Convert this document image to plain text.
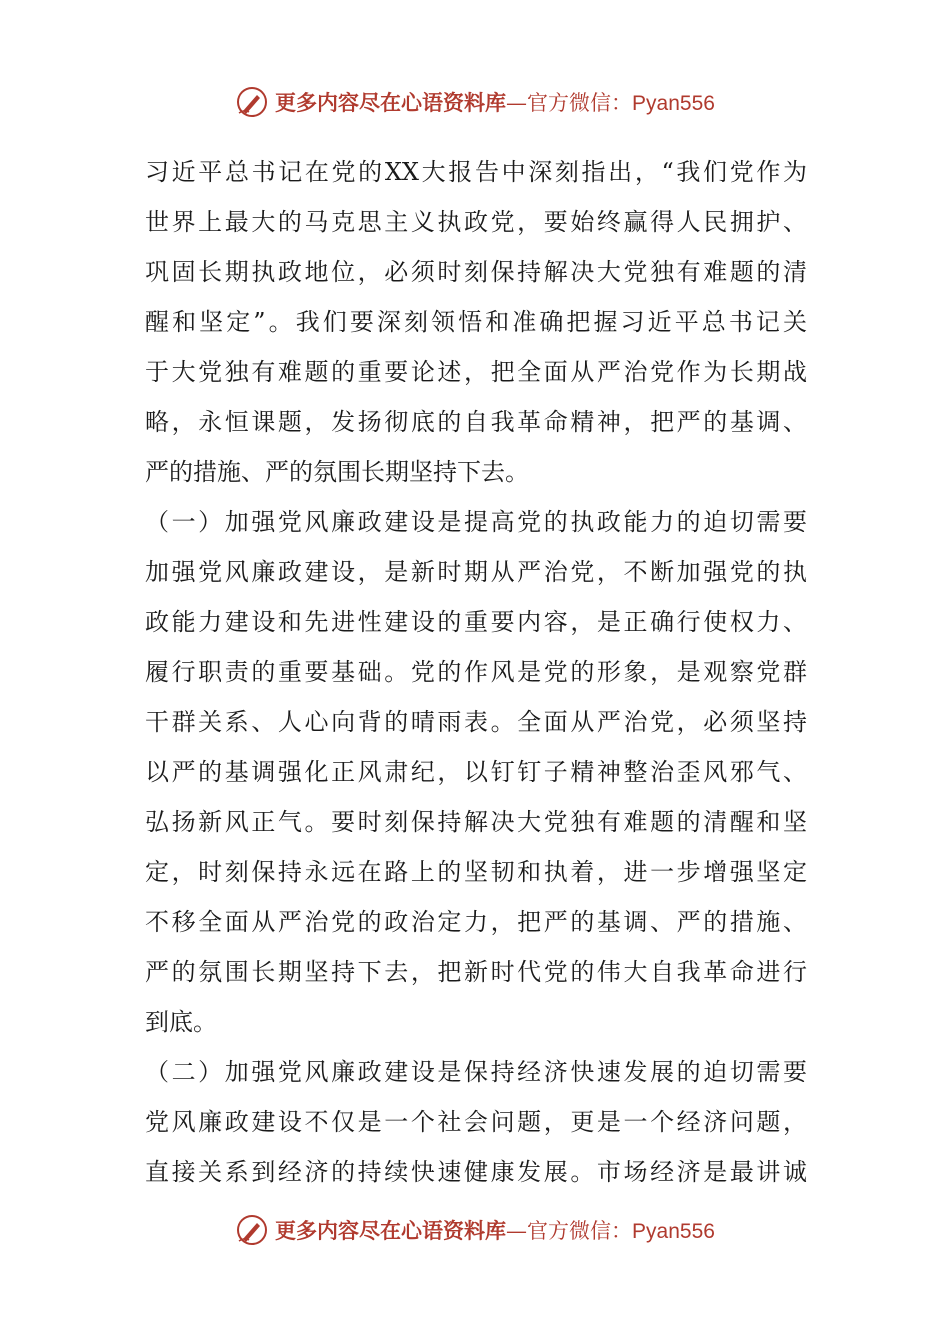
更多内容尽在心语资料库—官方微信：Pyan556
习近平总书记在党的XX大报告中深刻指出，“我们党作为
世界上最大的马克思主义执政党，要始终赢得人民拥护、
巩固长期执政地位，必须时刻保持解决大党独有难题的清
醒和坚定”。我们要深刻领悟和准确把握习近平总书记关
于大党独有难题的重要论述，把全面从严治党作为长期战
略，永恒课题，发扬彻底的自我革命精神，把严的基调、
严的措施、严的氛围长期坚持下去。
（一）加强党风廉政建设是提高党的执政能力的迫切需要
加强党风廉政建设，是新时期从严治党，不断加强党的执
政能力建设和先进性建设的重要内容，是正确行使权力、
履行职责的重要基础。党的作风是党的形象，是观察党群
干群关系、人心向背的晴雨表。全面从严治党，必须坚持
以严的基调强化正风肃纪，以钉钉子精神整治歪风邪气、
弘扬新风正气。要时刻保持解决大党独有难题的清醒和坚
定，时刻保持永远在路上的坚韧和执着，进一步增强坚定
不移全面从严治党的政治定力，把严的基调、严的措施、
严的氛围长期坚持下去，把新时代党的伟大自我革命进行
到底。
（二）加强党风廉政建设是保持经济快速发展的迫切需要
党风廉政建设不仅是一个社会问题，更是一个经济问题，
直接关系到经济的持续快速健康发展。市场经济是最讲诚
更多内容尽在心语资料库—官方微信：Pyan556
